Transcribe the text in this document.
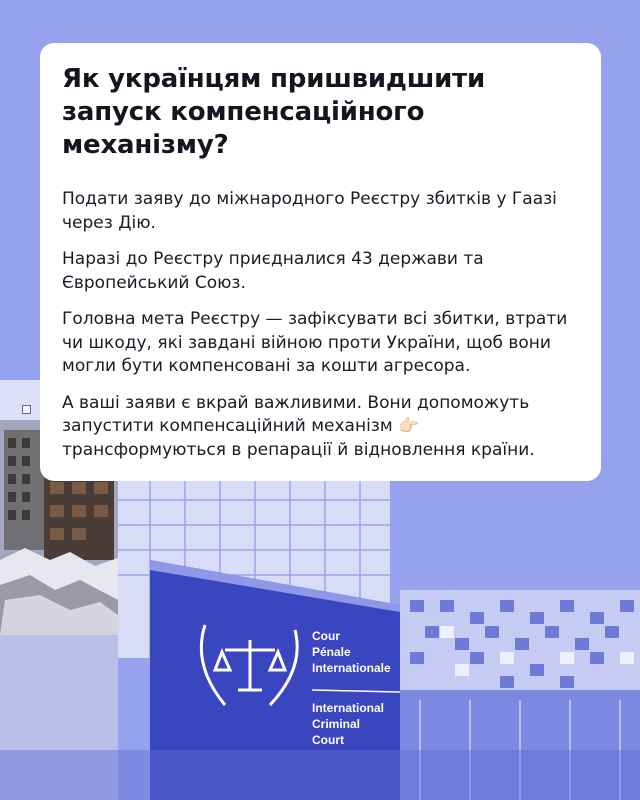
Cour
Pénale
Internationale
International
Criminal
Court
Як українцям пришвидшити запуск компенсаційного механізму?

Подати заяву до міжнародного Реєстру збитків у Гаазі через Дію.

Наразі до Реєстру приєдналися 43 держави та Європейський Союз.

Головна мета Реєстру — зафіксувати всі збитки, втрати чи шкоду, які завдані війною проти України, щоб вони могли бути компенсовані за кошти агресора.

А ваші заяви є вкрай важливими. Вони допоможуть запустити компенсаційний механізм 👉🏻 трансформуються в репарації й відновлення країни.
